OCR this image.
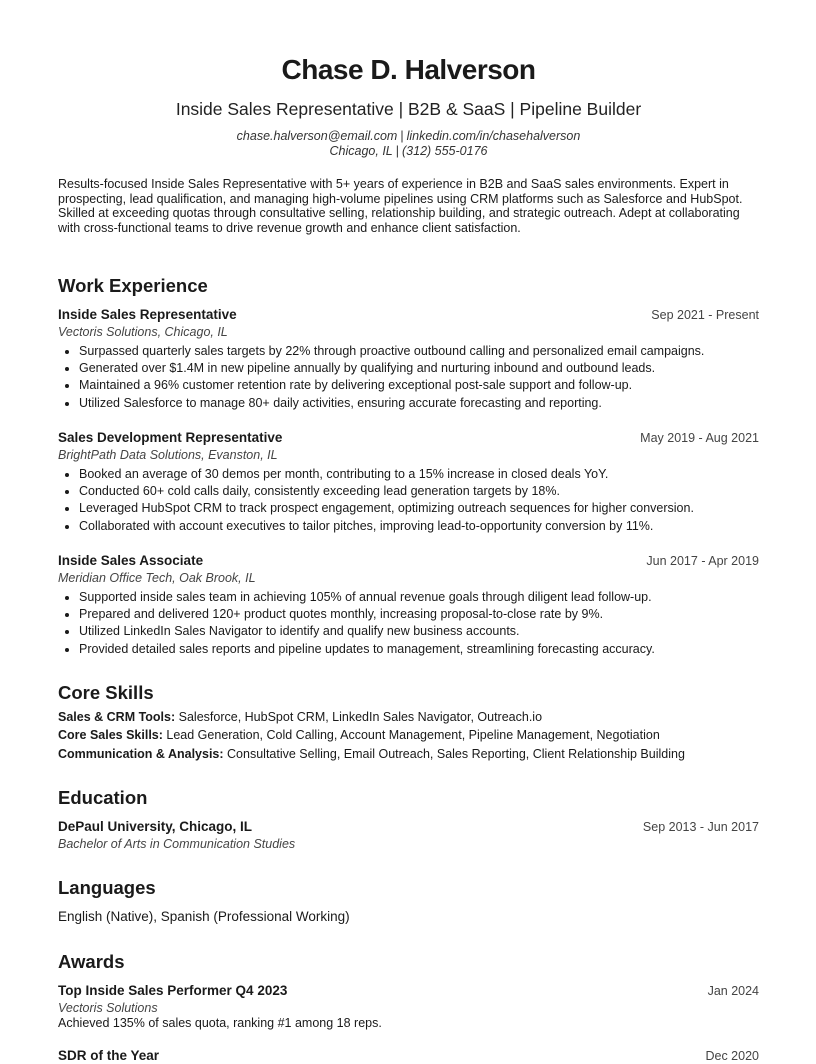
Chase D. Halverson
Inside Sales Representative | B2B & SaaS | Pipeline Builder
chase.halverson@email.com | linkedin.com/in/chasehalverson
Chicago, IL | (312) 555-0176

Results-focused Inside Sales Representative with 5+ years of experience in B2B and SaaS sales environments. Expert in prospecting, lead qualification, and managing high-volume pipelines using CRM platforms such as Salesforce and HubSpot. Skilled at exceeding quotas through consultative selling, relationship building, and strategic outreach. Adept at collaborating with cross-functional teams to drive revenue growth and enhance client satisfaction.

Work Experience
Inside Sales Representative	Sep 2021 - Present
Vectoris Solutions, Chicago, IL
• Surpassed quarterly sales targets by 22% through proactive outbound calling and personalized email campaigns.
• Generated over $1.4M in new pipeline annually by qualifying and nurturing inbound and outbound leads.
• Maintained a 96% customer retention rate by delivering exceptional post-sale support and follow-up.
• Utilized Salesforce to manage 80+ daily activities, ensuring accurate forecasting and reporting.
Sales Development Representative	May 2019 - Aug 2021
BrightPath Data Solutions, Evanston, IL
• Booked an average of 30 demos per month, contributing to a 15% increase in closed deals YoY.
• Conducted 60+ cold calls daily, consistently exceeding lead generation targets by 18%.
• Leveraged HubSpot CRM to track prospect engagement, optimizing outreach sequences for higher conversion.
• Collaborated with account executives to tailor pitches, improving lead-to-opportunity conversion by 11%.
Inside Sales Associate	Jun 2017 - Apr 2019
Meridian Office Tech, Oak Brook, IL
• Supported inside sales team in achieving 105% of annual revenue goals through diligent lead follow-up.
• Prepared and delivered 120+ product quotes monthly, increasing proposal-to-close rate by 9%.
• Utilized LinkedIn Sales Navigator to identify and qualify new business accounts.
• Provided detailed sales reports and pipeline updates to management, streamlining forecasting accuracy.
Core Skills
Sales & CRM Tools: Salesforce, HubSpot CRM, LinkedIn Sales Navigator, Outreach.io
Core Sales Skills: Lead Generation, Cold Calling, Account Management, Pipeline Management, Negotiation
Communication & Analysis: Consultative Selling, Email Outreach, Sales Reporting, Client Relationship Building
Education
DePaul University, Chicago, IL	Sep 2013 - Jun 2017
Bachelor of Arts in Communication Studies
Languages
English (Native), Spanish (Professional Working)
Awards
Top Inside Sales Performer Q4 2023	Jan 2024
Vectoris Solutions
Achieved 135% of sales quota, ranking #1 among 18 reps.
SDR of the Year	Dec 2020
